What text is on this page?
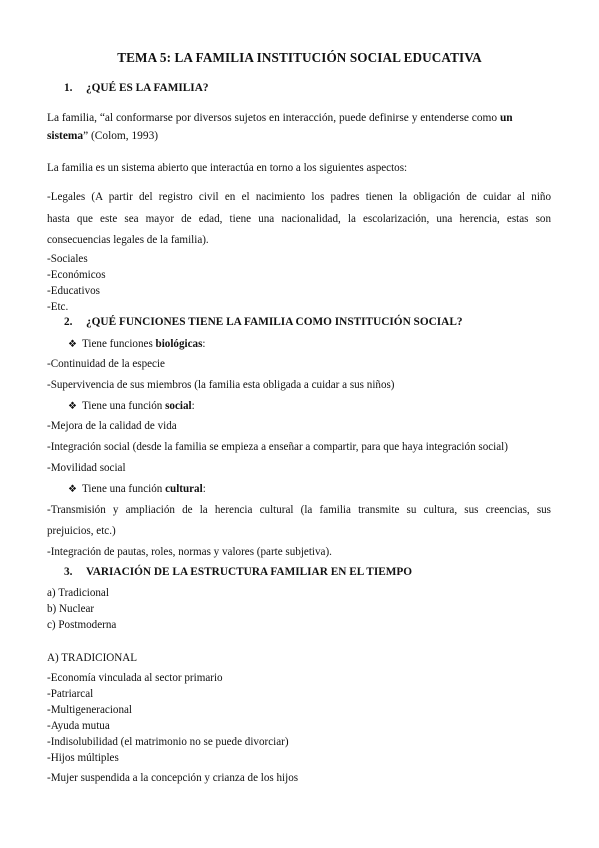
TEMA 5: LA FAMILIA INSTITUCIÓN SOCIAL EDUCATIVA
1. ¿QUÉ ES LA FAMILIA?
La familia, “al conformarse por diversos sujetos en interacción, puede definirse y entenderse como un
sistema” (Colom, 1993)
La familia es un sistema abierto que interactúa en torno a los siguientes aspectos:
-Legales (A partir del registro civil en el nacimiento los padres tienen la obligación de cuidar al niño
hasta que este sea mayor de edad, tiene una nacionalidad, la escolarización, una herencia, estas son
consecuencias legales de la familia).
-Sociales
-Económicos
-Educativos
-Etc.
2. ¿QUÉ FUNCIONES TIENE LA FAMILIA COMO INSTITUCIÓN SOCIAL?
❖ Tiene funciones biológicas:
-Continuidad de la especie
-Supervivencia de sus miembros (la familia esta obligada a cuidar a sus niños)
❖ Tiene una función social:
-Mejora de la calidad de vida
-Integración social (desde la familia se empieza a enseñar a compartir, para que haya integración social)
-Movilidad social
❖ Tiene una función cultural:
-Transmisión y ampliación de la herencia cultural (la familia transmite su cultura, sus creencias, sus
prejuicios, etc.)
-Integración de pautas, roles, normas y valores (parte subjetiva).
3. VARIACIÓN DE LA ESTRUCTURA FAMILIAR EN EL TIEMPO
a) Tradicional
b) Nuclear
c) Postmoderna
A) TRADICIONAL
-Economía vinculada al sector primario
-Patriarcal
-Multigeneracional
-Ayuda mutua
-Indisolubilidad (el matrimonio no se puede divorciar)
-Hijos múltiples
-Mujer suspendida a la concepción y crianza de los hijos
